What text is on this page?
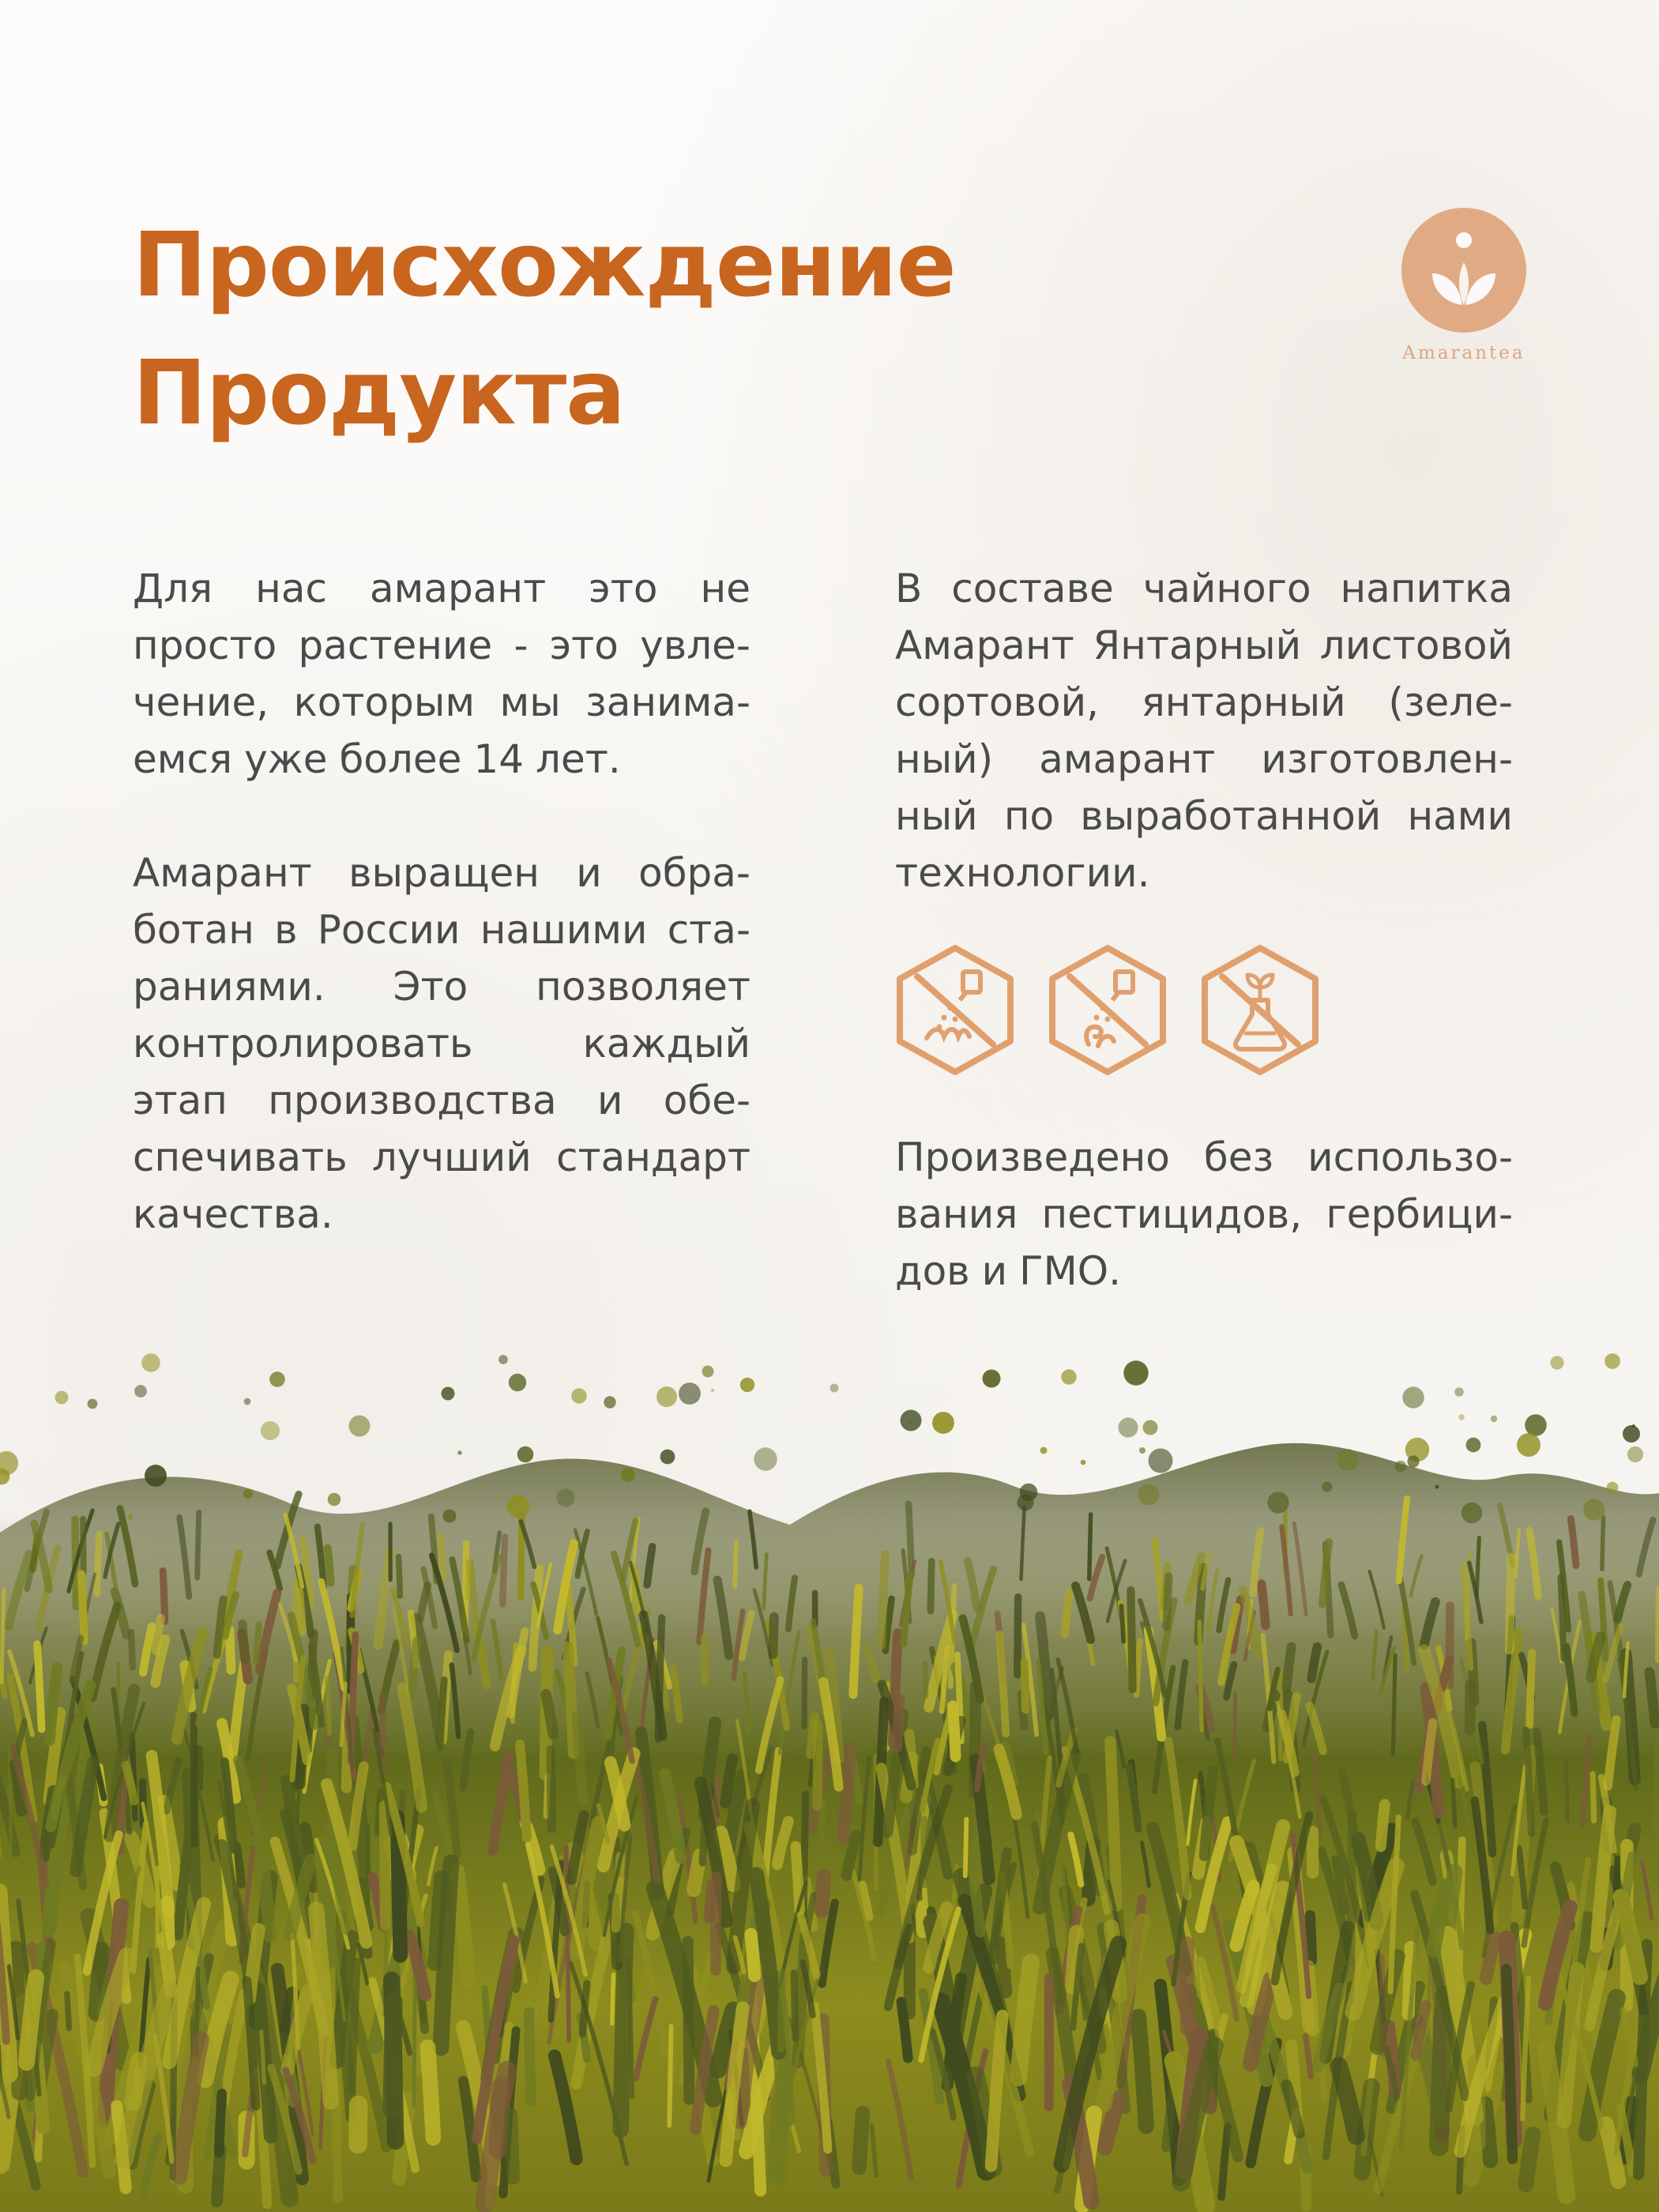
Происхождение
Продукта	Amarantea
Для нас амарант это не
просто растение - это увле-
чение, которым мы занима-
емся уже более 14 лет.
Амарант выращен и обра-
ботан в России нашими ста-
раниями. Это позволяет
контролировать	каждый
этап производства и обе-
спечивать лучший стандарт
качества.
В составе чайного напитка
Амарант Янтарный листовой
сортовой, янтарный (зеле-
ный) амарант изготовлен-
ный по выработанной нами
технологии.
Произведено без использо-
вания пестицидов, гербици-
дов и ГМО.
